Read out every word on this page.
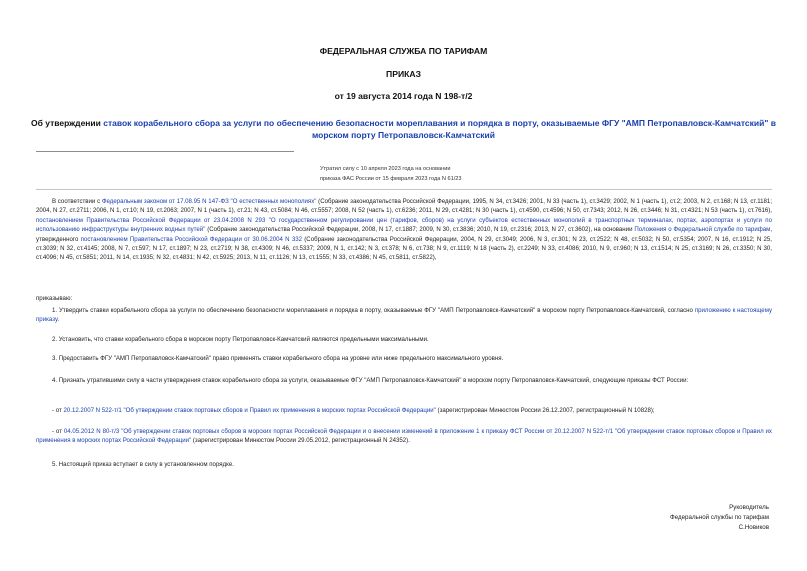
ФЕДЕРАЛЬНАЯ СЛУЖБА ПО ТАРИФАМ
ПРИКАЗ
от 19 августа 2014 года N 198-т/2
Об утверждении ставок корабельного сбора за услуги по обеспечению безопасности мореплавания и порядка в порту, оказываемые ФГУ "АМП Петропавловск-Камчатский" в морском порту Петропавловск-Камчатский
Утратил силу с 10 апреля 2023 года на основании
приказа ФАС России от 15 февраля 2023 года N 61/23
В соответствии с Федеральным законом от 17.08.95 N 147-ФЗ "О естественных монополиях" (Собрание законодательства Российской Федерации, 1995, N 34, ст.3426; 2001, N 33 (часть 1), ст.3429; 2002, N 1 (часть 1), ст.2; 2003, N 2, ст.168; N 13, ст.1181; 2004, N 27, ст.2711; 2006, N 1, ст.10; N 19, ст.2063; 2007, N 1 (часть 1), ст.21; N 43, ст.5084; N 46, ст.5557; 2008, N 52 (часть 1), ст.6236; 2011, N 29, ст.4281; N 30 (часть 1), ст.4590, ст.4596; N 50, ст.7343; 2012, N 26, ст.3446; N 31, ст.4321; N 53 (часть 1), ст.7616), постановлением Правительства Российской Федерации от 23.04.2008 N 293 "О государственном регулировании цен (тарифов, сборов) на услуги субъектов естественных монополий в транспортных терминалах, портах, аэропортах и услуги по использованию инфраструктуры внутренних водных путей" (Собрание законодательства Российской Федерации, 2008, N 17, ст.1887; 2009, N 30, ст.3836; 2010, N 19, ст.2316; 2013, N 27, ст.3602), на основании Положения о Федеральной службе по тарифам, утвержденного постановлением Правительства Российской Федерации от 30.06.2004 N 332 (Собрание законодательства Российской Федерации, 2004, N 29, ст.3049; 2006, N 3, ст.301; N 23, ст.2522; N 48, ст.5032; N 50, ст.5354; 2007, N 16, ст.1912; N 25, ст.3039; N 32, ст.4145; 2008, N 7, ст.597; N 17, ст.1897; N 23, ст.2719; N 38, ст.4309; N 46, ст.5337; 2009, N 1, ст.142; N 3, ст.378; N 6, ст.738; N 9, ст.1119; N 18 (часть 2), ст.2249; N 33, ст.4086; 2010, N 9, ст.960; N 13, ст.1514; N 25, ст.3169; N 26, ст.3350; N 30, ст.4096; N 45, ст.5851; 2011, N 14, ст.1935; N 32, ст.4831; N 42, ст.5925; 2013, N 11, ст.1126; N 13, ст.1555; N 33, ст.4386; N 45, ст.5811, ст.5822),
приказываю:
1. Утвердить ставки корабельного сбора за услуги по обеспечению безопасности мореплавания и порядка в порту, оказываемые ФГУ "АМП Петропавловск-Камчатский" в морском порту Петропавловск-Камчатский, согласно приложению к настоящему приказу.
2. Установить, что ставки корабельного сбора в морском порту Петропавловск-Камчатский являются предельными максимальными.
3. Предоставить ФГУ "АМП Петропавловск-Камчатский" право применять ставки корабельного сбора на уровне или ниже предельного максимального уровня.
4. Признать утратившими силу в части утверждения ставок корабельного сбора за услуги, оказываемые ФГУ "АМП Петропавловск-Камчатский" в морском порту Петропавловск-Камчатский, следующие приказы ФСТ России:
- от 20.12.2007 N 522-т/1 "Об утверждении ставок портовых сборов и Правил их применения в морских портах Российской Федерации" (зарегистрирован Минюстом России 26.12.2007, регистрационный N 10828);
- от 04.05.2012 N 80-т/3 "Об утверждении ставок портовых сборов в морских портах Российской Федерации и о внесении изменений в приложение 1 к приказу ФСТ России от 20.12.2007 N 522-т/1 "Об утверждении ставок портовых сборов и Правил их применения в морских портах Российской Федерации" (зарегистрирован Минюстом России 29.05.2012, регистрационный N 24352).
5. Настоящий приказ вступает в силу в установленном порядке.
Руководитель
Федеральной службы по тарифам
С.Новиков
